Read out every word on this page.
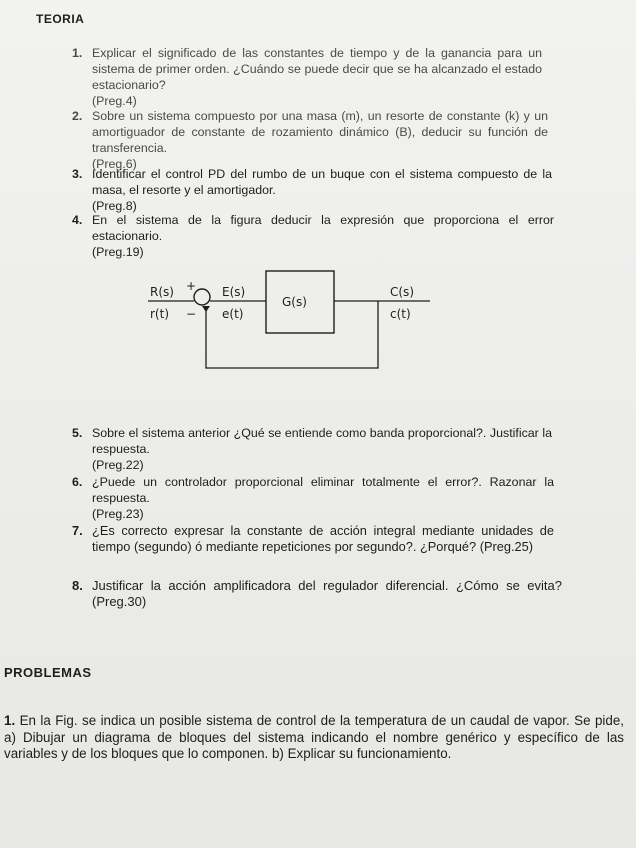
TEORIA
1. Explicar el significado de las constantes de tiempo y de la ganancia para un sistema de primer orden. ¿Cuándo se puede decir que se ha alcanzado el estado estacionario?
(Preg.4)
2. Sobre un sistema compuesto por una masa (m), un resorte de constante (k) y un amortiguador de constante de rozamiento dinámico (B), deducir su función de transferencia.
(Preg.6)
3. Identificar el control PD del rumbo de un buque con el sistema compuesto de la masa, el resorte y el amortigador.
(Preg.8)
4. En el sistema de la figura deducir la expresión que proporciona el error estacionario.
(Preg.19)
R(s)
r(t)
+
−
E(s)
e(t)
G(s)
C(s)
c(t)
5. Sobre el sistema anterior ¿Qué se entiende como banda proporcional?. Justificar la respuesta.
(Preg.22)
6. ¿Puede un controlador proporcional eliminar totalmente el error?. Razonar la respuesta.
(Preg.23)
7. ¿Es correcto expresar la constante de acción integral mediante unidades de tiempo (segundo) ó mediante repeticiones por segundo?. ¿Porqué? (Preg.25)
8. Justificar la acción amplificadora del regulador diferencial. ¿Cómo se evita? (Preg.30)
PROBLEMAS
1. En la Fig. se indica un posible sistema de control de la temperatura de un caudal de vapor. Se pide, a) Dibujar un diagrama de bloques del sistema indicando el nombre genérico y específico de las variables y de los bloques que lo componen. b) Explicar su funcionamiento.
